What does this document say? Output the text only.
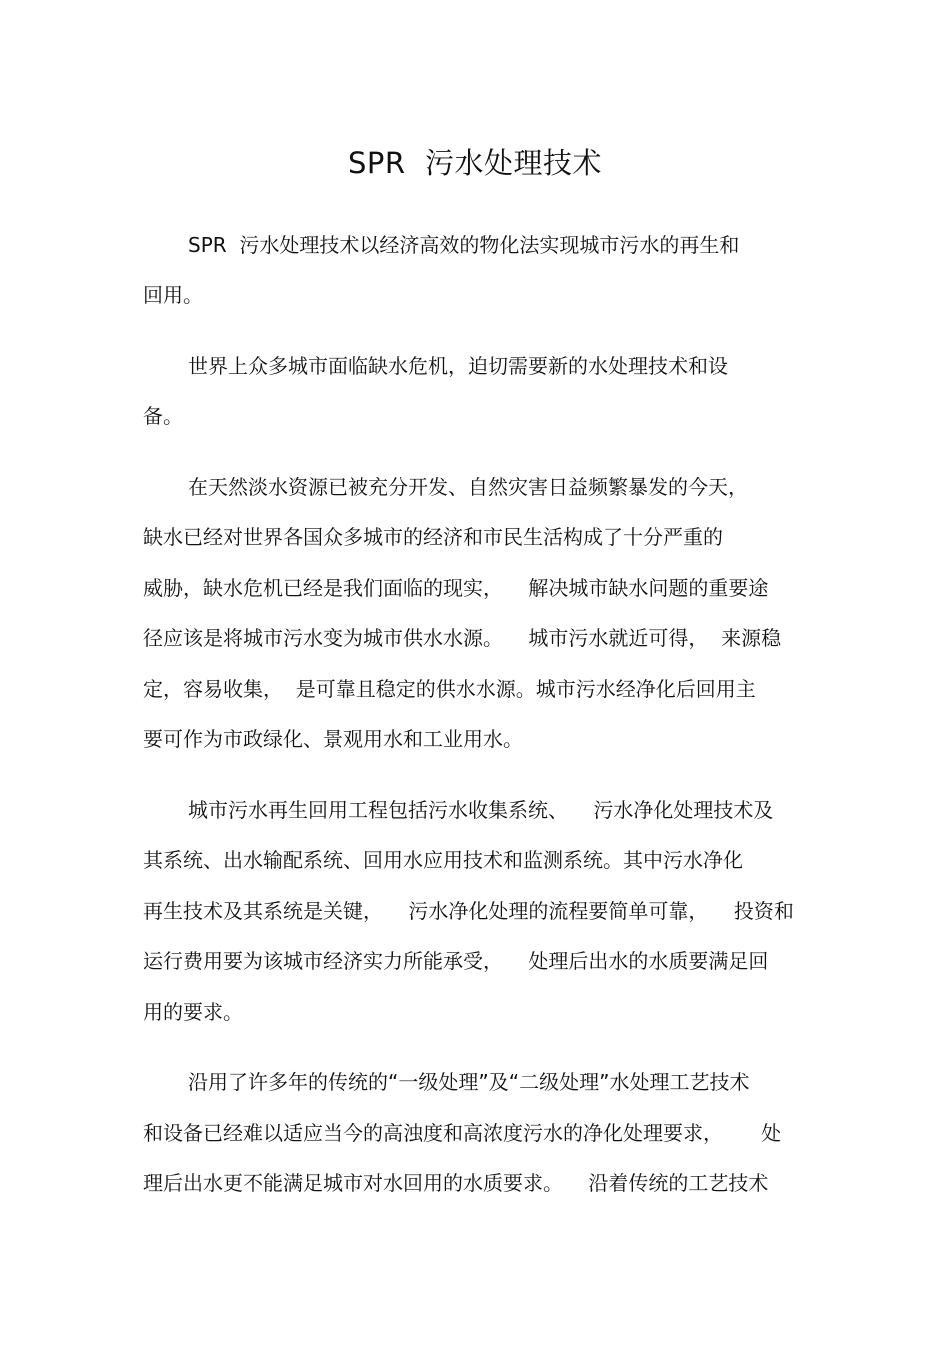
SPR  污水处理技术
SPR  污水处理技术以经济高效的物化法实现城市污水的再生和
回用。
世界上众多城市面临缺水危机，迫切需要新的水处理技术和设
备。
在天然淡水资源已被充分开发、自然灾害日益频繁暴发的今天，
缺水已经对世界各国众多城市的经济和市民生活构成了十分严重的
威胁，缺水危机已经是我们面临的现实，    解决城市缺水问题的重要途
径应该是将城市污水变为城市供水水源。    城市污水就近可得，  来源稳
定，容易收集，  是可靠且稳定的供水水源。城市污水经净化后回用主
要可作为市政绿化、景观用水和工业用水。
城市污水再生回用工程包括污水收集系统、    污水净化处理技术及
其系统、出水输配系统、回用水应用技术和监测系统。其中污水净化
再生技术及其系统是关键，    污水净化处理的流程要简单可靠，    投资和
运行费用要为该城市经济实力所能承受，    处理后出水的水质要满足回
用的要求。
沿用了许多年的传统的“一级处理”及“二级处理”水处理工艺技术
和设备已经难以适应当今的高浊度和高浓度污水的净化处理要求，      处
理后出水更不能满足城市对水回用的水质要求。    沿着传统的工艺技术
